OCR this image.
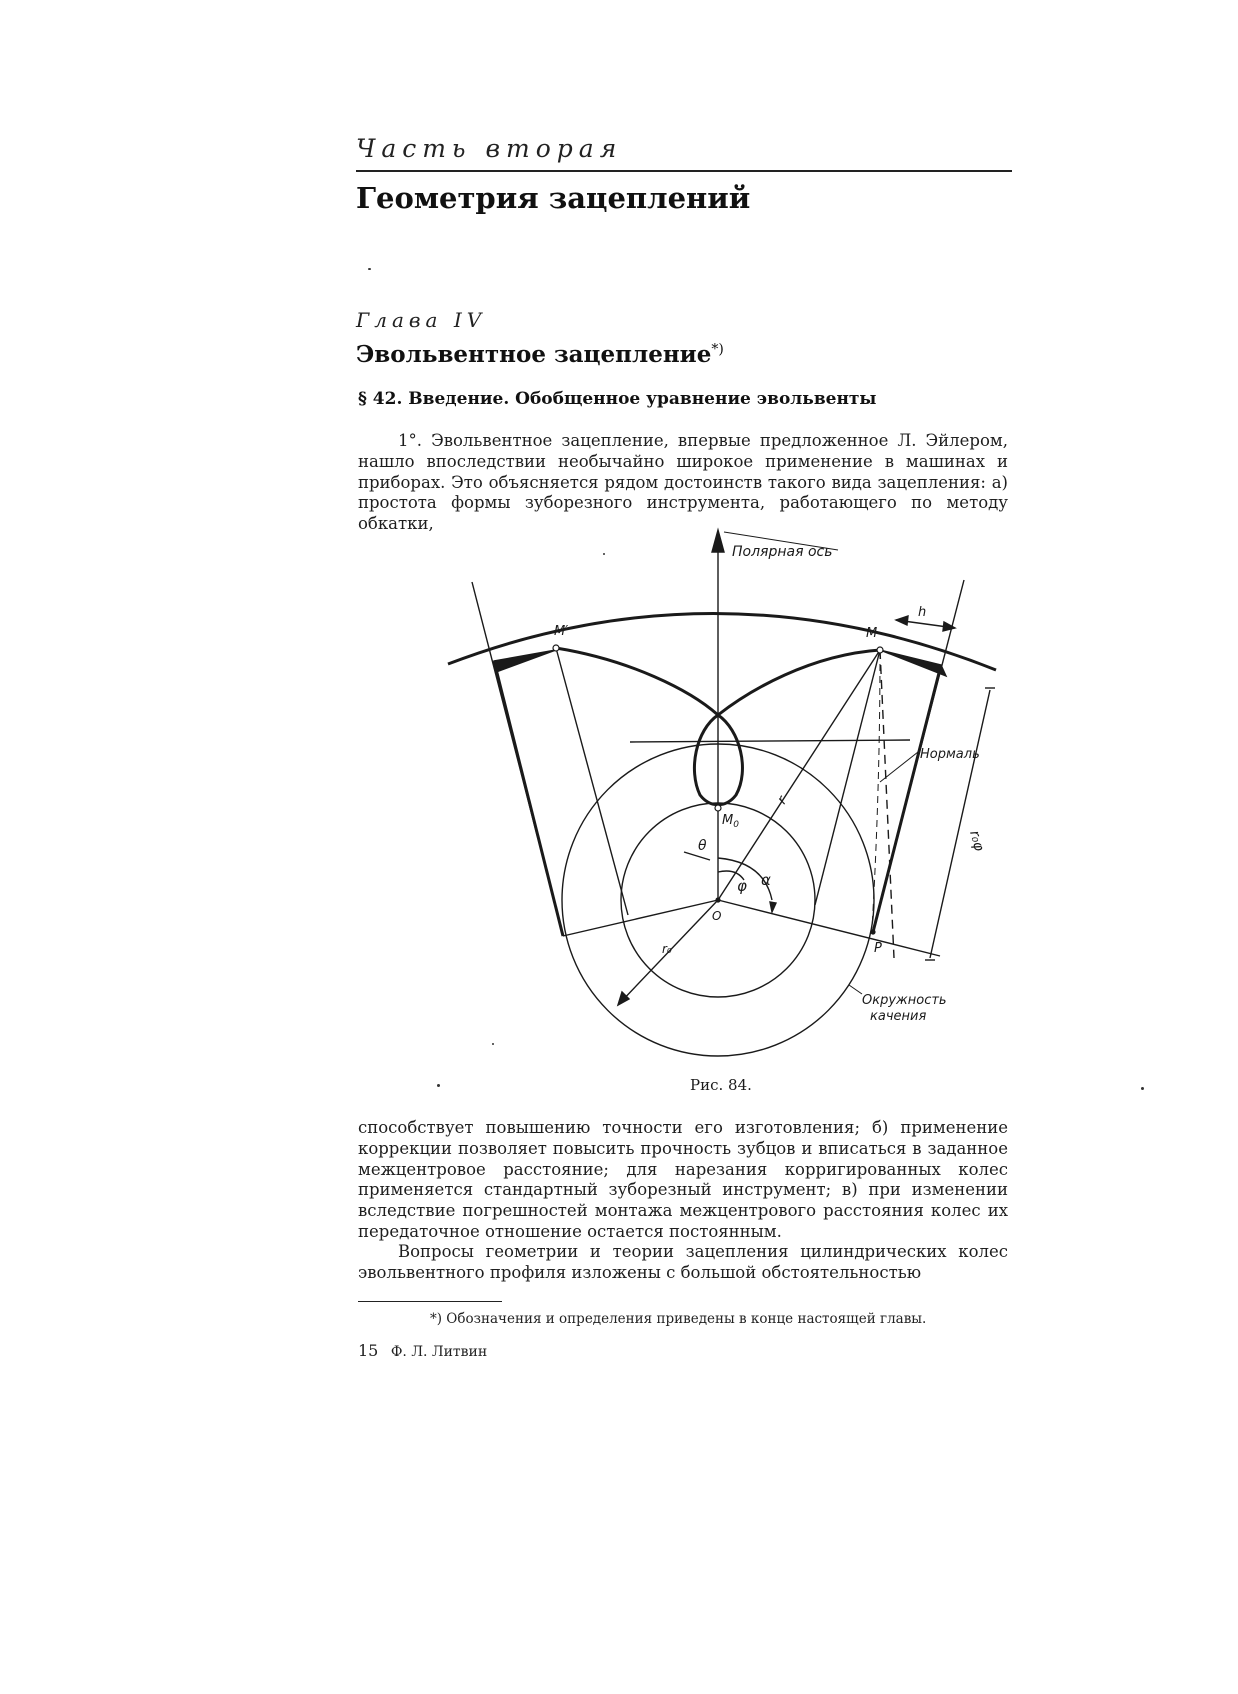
Часть вторая
Геометрия зацеплений
Глава IV
Эвольвентное зацепление*)
§ 42. Введение. Обобщенное уравнение эвольвенты

1°. Эвольвентное зацепление, впервые предложенное Л. Эйлером, нашло впоследствии необычайно широкое применение в машинах и приборах. Это объясняется рядом достоинств такого вида зацепления: а) простота формы зуборезного инструмента, работающего по методу обкатки,

Полярная ось
M′	M
h
Нормаль
r
$M_0$
θ
φ α
O
P
r₀
r₀φ
Окружность
качения
Рис. 84.

способствует повышению точности его изготовления; б) применение коррекции позволяет повысить прочность зубцов и вписаться в заданное межцентровое расстояние; для нарезания корригированных колес применяется стандартный зуборезный инструмент; в) при изменении вследствие погрешностей монтажа межцентрового расстояния колес их передаточное отношение остается постоянным.

Вопросы геометрии и теории зацепления цилиндрических колес эвольвентного профиля изложены с большой обстоятельностью

*) Обозначения и определения приведены в конце настоящей главы.
15 Ф. Л. Литвин
